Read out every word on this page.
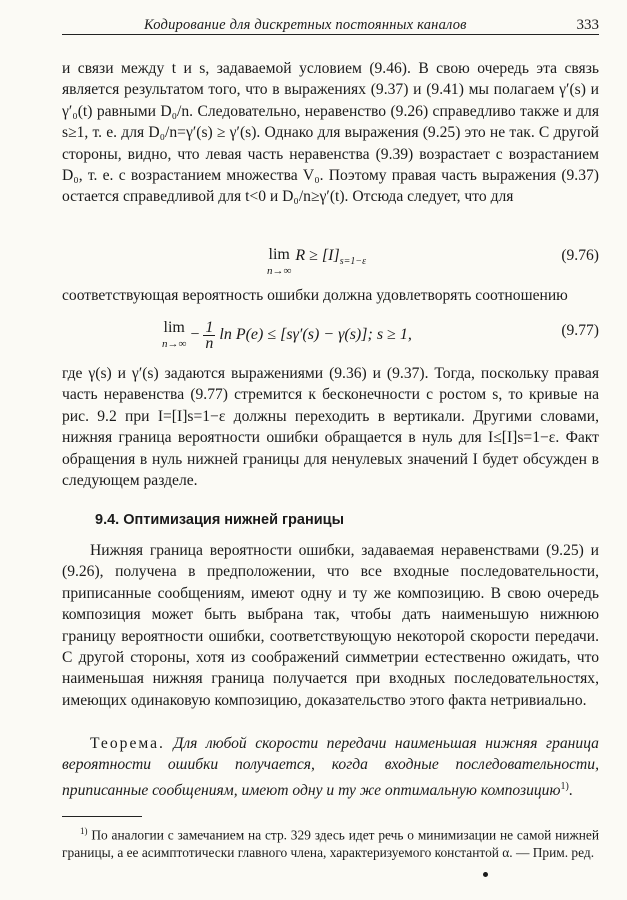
Кодирование для дискретных постоянных каналов	333
и связи между t и s, задаваемой условием (9.46). В свою очередь эта связь является результатом того, что в выражениях (9.37) и (9.41) мы полагаем γ′(s) и γ′₀(t) равными D₀/n. Следовательно, неравенство (9.26) справедливо также и для s≥1, т. е. для D₀/n=γ′(s) ≥ γ′(s). Однако для выражения (9.25) это не так. С другой стороны, видно, что левая часть неравенства (9.39) возрастает с возрастанием D₀, т. е. с возрастанием множества V₀. Поэтому правая часть выражения (9.37) остается справедливой для t<0 и D₀/n≥γ′(t). Отсюда следует, что для
lim
n→∞
$R \ge [I]_{s=1-\varepsilon}$	(9.76)
соответствующая вероятность ошибки должна удовлетворять соотношению
lim
n→∞
− $\frac{1}{n}$ ln P(e) ≤ [sγ′(s) − γ(s)]; s ≥ 1,	(9.77)
где γ(s) и γ′(s) задаются выражениями (9.36) и (9.37). Тогда, поскольку правая часть неравенства (9.77) стремится к бесконечности с ростом s, то кривые на рис. 9.2 при I=[I]s=1−ε должны переходить в вертикали. Другими словами, нижняя граница вероятности ошибки обращается в нуль для I≤[I]s=1−ε. Факт обращения в нуль нижней границы для ненулевых значений I будет обсужден в следующем разделе.
9.4. Оптимизация нижней границы
Нижняя граница вероятности ошибки, задаваемая неравенствами (9.25) и (9.26), получена в предположении, что все входные последовательности, приписанные сообщениям, имеют одну и ту же композицию. В свою очередь композиция может быть выбрана так, чтобы дать наименьшую нижнюю границу вероятности ошибки, соответствующую некоторой скорости передачи. С другой стороны, хотя из соображений симметрии естественно ожидать, что наименьшая нижняя граница получается при входных последовательностях, имеющих одинаковую композицию, доказательство этого факта нетривиально.
Теорема. Для любой скорости передачи наименьшая нижняя граница вероятности ошибки получается, когда входные последовательности, приписанные сообщениям, имеют одну и ту же оптимальную композицию$^{1)}$.
$^{1)}$ По аналогии с замечанием на стр. 329 здесь идет речь о минимизации не самой нижней границы, а ее асимптотически главного члена, характеризуемого константой α. — Прим. ред.
